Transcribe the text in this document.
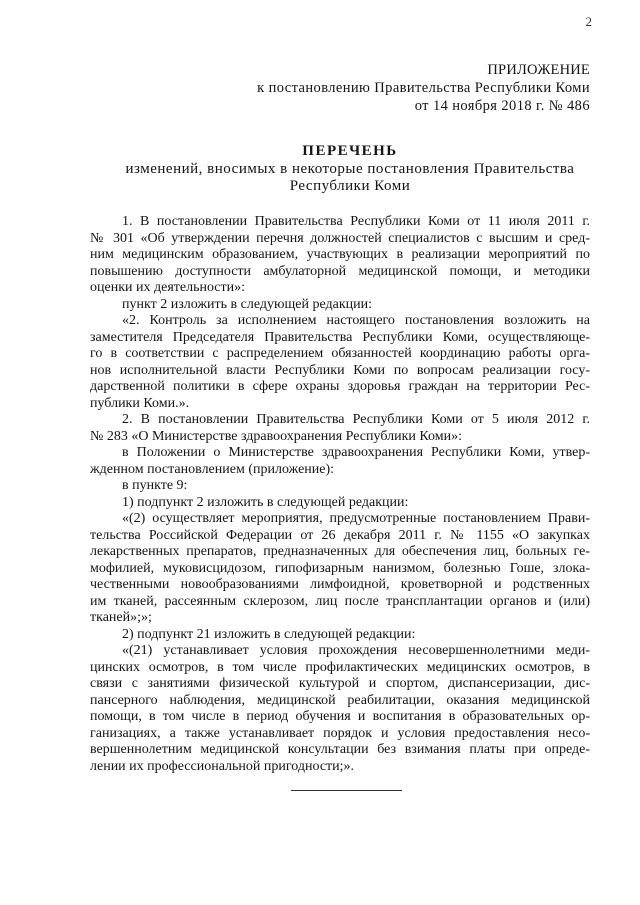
2
ПРИЛОЖЕНИЕ
к постановлению Правительства Республики Коми
от 14 ноября 2018 г. № 486
ПЕРЕЧЕНЬ
изменений, вносимых в некоторые постановления Правительства
Республики Коми
1. В постановлении Правительства Республики Коми от 11 июля 2011 г.
№ 301 «Об утверждении перечня должностей специалистов с высшим и сред-
ним медицинским образованием, участвующих в реализации мероприятий по
повышению доступности амбулаторной медицинской помощи, и методики
оценки их деятельности»:
пункт 2 изложить в следующей редакции:
«2. Контроль за исполнением настоящего постановления возложить на
заместителя Председателя Правительства Республики Коми, осуществляюще-
го в соответствии с распределением обязанностей координацию работы орга-
нов исполнительной власти Республики Коми по вопросам реализации госу-
дарственной политики в сфере охраны здоровья граждан на территории Рес-
публики Коми.».
2. В постановлении Правительства Республики Коми от 5 июля 2012 г.
№ 283 «О Министерстве здравоохранения Республики Коми»:
в Положении о Министерстве здравоохранения Республики Коми, утвер-
жденном постановлением (приложение):
в пункте 9:
1) подпункт 2 изложить в следующей редакции:
«(2) осуществляет мероприятия, предусмотренные постановлением Прави-
тельства Российской Федерации от 26 декабря 2011 г. № 1155 «О закупках
лекарственных препаратов, предназначенных для обеспечения лиц, больных ге-
мофилией, муковисцидозом, гипофизарным нанизмом, болезнью Гоше, злока-
чественными новообразованиями лимфоидной, кроветворной и родственных
им тканей, рассеянным склерозом, лиц после трансплантации органов и (или)
тканей»;»;
2) подпункт 21 изложить в следующей редакции:
«(21) устанавливает условия прохождения несовершеннолетними меди-
цинских осмотров, в том числе профилактических медицинских осмотров, в
связи с занятиями физической культурой и спортом, диспансеризации, дис-
пансерного наблюдения, медицинской реабилитации, оказания медицинской
помощи, в том числе в период обучения и воспитания в образовательных ор-
ганизациях, а также устанавливает порядок и условия предоставления несо-
вершеннолетним медицинской консультации без взимания платы при опреде-
лении их профессиональной пригодности;».
